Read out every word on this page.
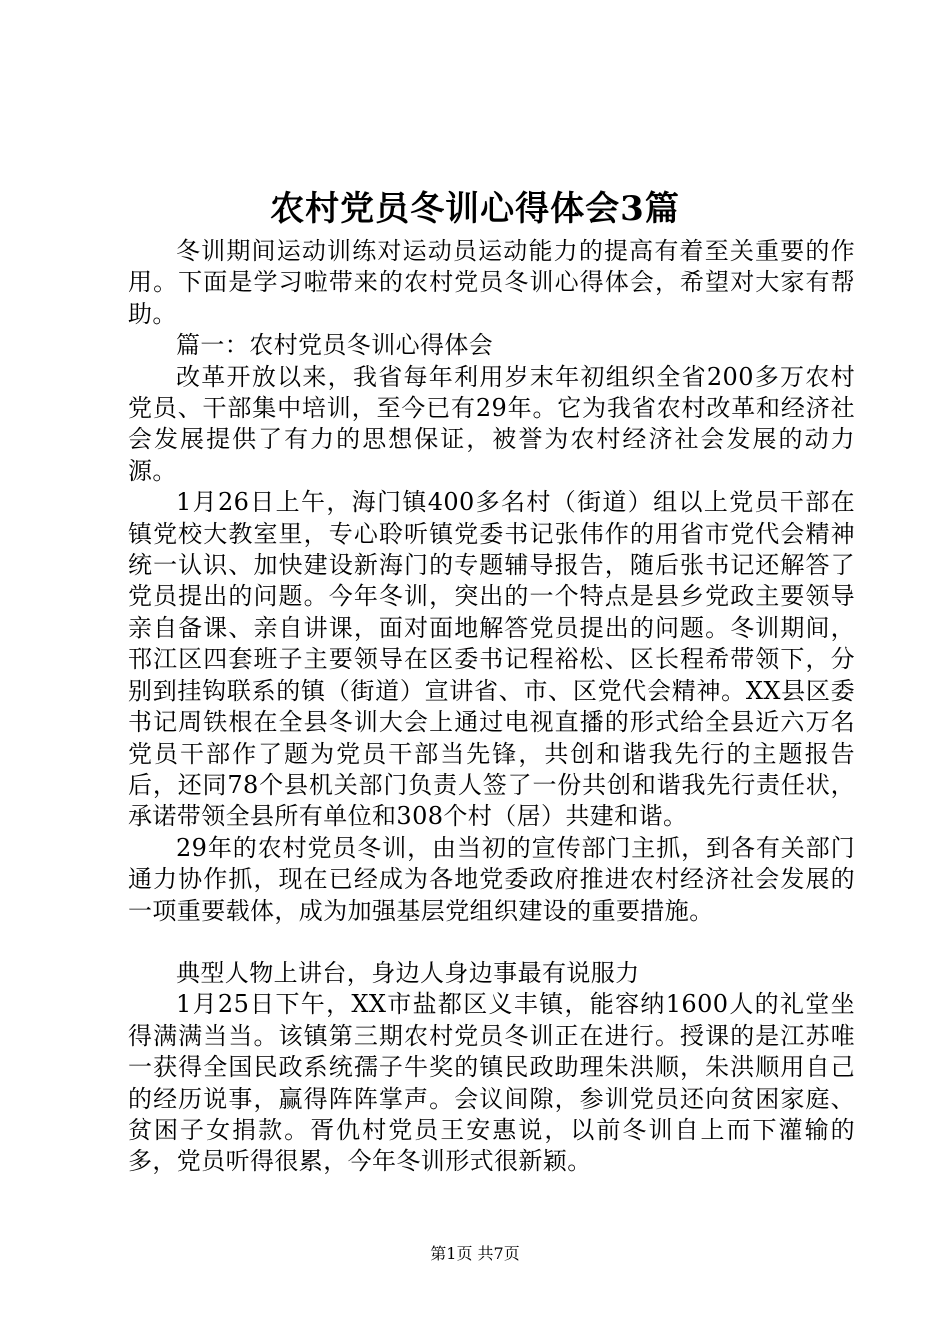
农村党员冬训心得体会3篇

冬训期间运动训练对运动员运动能力的提高有着至关重要的作用。下面是学习啦带来的农村党员冬训心得体会，希望对大家有帮助。

篇一：农村党员冬训心得体会

改革开放以来，我省每年利用岁末年初组织全省200多万农村党员、干部集中培训，至今已有29年。它为我省农村改革和经济社会发展提供了有力的思想保证，被誉为农村经济社会发展的动力源。

1月26日上午，海门镇400多名村（街道）组以上党员干部在镇党校大教室里，专心聆听镇党委书记张伟作的用省市党代会精神统一认识、加快建设新海门的专题辅导报告，随后张书记还解答了党员提出的问题。今年冬训，突出的一个特点是县乡党政主要领导亲自备课、亲自讲课，面对面地解答党员提出的问题。冬训期间，邗江区四套班子主要领导在区委书记程裕松、区长程希带领下，分别到挂钩联系的镇（街道）宣讲省、市、区党代会精神。XX县区委书记周铁根在全县冬训大会上通过电视直播的形式给全县近六万名党员干部作了题为党员干部当先锋，共创和谐我先行的主题报告后，还同78个县机关部门负责人签了一份共创和谐我先行责任状，承诺带领全县所有单位和308个村（居）共建和谐。

29年的农村党员冬训，由当初的宣传部门主抓，到各有关部门通力协作抓，现在已经成为各地党委政府推进农村经济社会发展的一项重要载体，成为加强基层党组织建设的重要措施。

典型人物上讲台，身边人身边事最有说服力

1月25日下午，XX市盐都区义丰镇，能容纳1600人的礼堂坐得满满当当。该镇第三期农村党员冬训正在进行。授课的是江苏唯一获得全国民政系统孺子牛奖的镇民政助理朱洪顺，朱洪顺用自己的经历说事，赢得阵阵掌声。会议间隙，参训党员还向贫困家庭、贫困子女捐款。胥仇村党员王安惠说，以前冬训自上而下灌输的多，党员听得很累，今年冬训形式很新颖。

第1页 共7页
